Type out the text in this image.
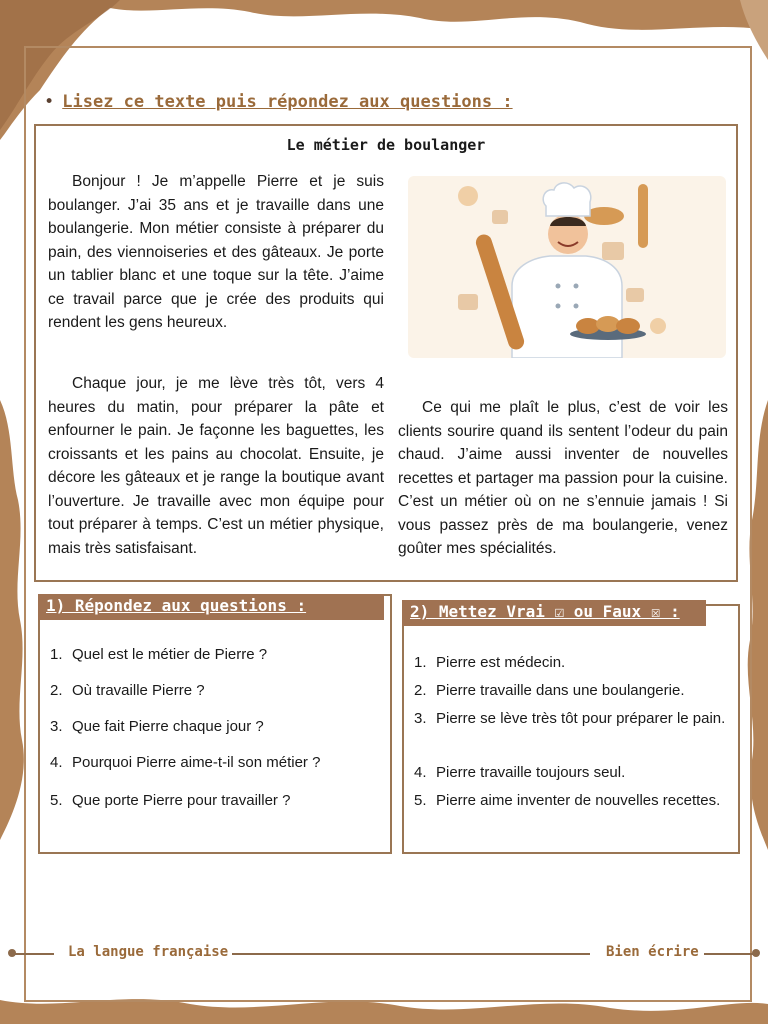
• Lisez ce texte puis répondez aux questions :
Le métier de boulanger
Bonjour ! Je m’appelle Pierre et je suis boulanger. J’ai 35 ans et je travaille dans une boulangerie. Mon métier consiste à préparer du pain, des viennoiseries et des gâteaux. Je porte un tablier blanc et une toque sur la tête. J’aime ce travail parce que je crée des produits qui rendent les gens heureux.
Chaque jour, je me lève très tôt, vers 4 heures du matin, pour préparer la pâte et enfourner le pain. Je façonne les baguettes, les croissants et les pains au chocolat. Ensuite, je décore les gâteaux et je range la boutique avant l’ouverture. Je travaille avec mon équipe pour tout préparer à temps. C’est un métier physique, mais très satisfaisant.
Ce qui me plaît le plus, c’est de voir les clients sourire quand ils sentent l’odeur du pain chaud. J’aime aussi inventer de nouvelles recettes et partager ma passion pour la cuisine. C’est un métier où on ne s’ennuie jamais ! Si vous passez près de ma boulangerie, venez goûter mes spécialités.
1) Répondez aux questions :
1. Quel est le métier de Pierre ?
2. Où travaille Pierre ?
3. Que fait Pierre chaque jour ?
4. Pourquoi Pierre aime-t-il son métier ?
5. Que porte Pierre pour travailler ?
2) Mettez Vrai ☑ ou Faux ☒ :
1. Pierre est médecin.
2. Pierre travaille dans une boulangerie.
3. Pierre se lève très tôt pour préparer le pain.
4. Pierre travaille toujours seul.
5. Pierre aime inventer de nouvelles recettes.
La langue française	Bien écrire
